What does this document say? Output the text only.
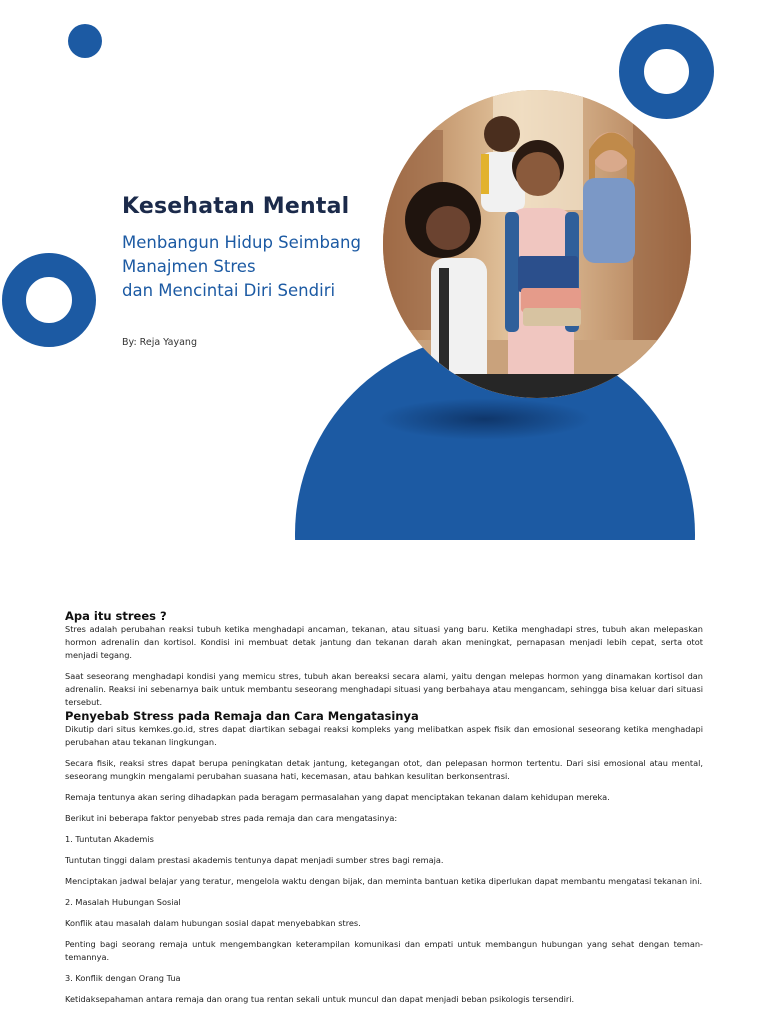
Kesehatan Mental
Menbangun Hidup Seimbang
Manajmen Stres
dan Mencintai Diri Sendiri
By: Reja Yayang
Apa itu strees ?

Stres adalah perubahan reaksi tubuh ketika menghadapi ancaman, tekanan, atau situasi yang baru. Ketika menghadapi stres, tubuh akan melepaskan hormon adrenalin dan kortisol. Kondisi ini membuat detak jantung dan tekanan darah akan meningkat, pernapasan menjadi lebih cepat, serta otot menjadi tegang.

Saat seseorang menghadapi kondisi yang memicu stres, tubuh akan bereaksi secara alami, yaitu dengan melepas hormon yang dinamakan kortisol dan adrenalin. Reaksi ini sebenarnya baik untuk membantu seseorang menghadapi situasi yang berbahaya atau mengancam, sehingga bisa keluar dari situasi tersebut.

Penyebab Stress pada Remaja dan Cara Mengatasinya

Dikutip dari situs kemkes.go.id, stres dapat diartikan sebagai reaksi kompleks yang melibatkan aspek fisik dan emosional seseorang ketika menghadapi perubahan atau tekanan lingkungan.

Secara fisik, reaksi stres dapat berupa peningkatan detak jantung, ketegangan otot, dan pelepasan hormon tertentu. Dari sisi emosional atau mental, seseorang mungkin mengalami perubahan suasana hati, kecemasan, atau bahkan kesulitan berkonsentrasi.

Remaja tentunya akan sering dihadapkan pada beragam permasalahan yang dapat menciptakan tekanan dalam kehidupan mereka.

Berikut ini beberapa faktor penyebab stres pada remaja dan cara mengatasinya:

1. Tuntutan Akademis

Tuntutan tinggi dalam prestasi akademis tentunya dapat menjadi sumber stres bagi remaja.

Menciptakan jadwal belajar yang teratur, mengelola waktu dengan bijak, dan meminta bantuan ketika diperlukan dapat membantu mengatasi tekanan ini.

2. Masalah Hubungan Sosial

Konflik atau masalah dalam hubungan sosial dapat menyebabkan stres.

Penting bagi seorang remaja untuk mengembangkan keterampilan komunikasi dan empati untuk membangun hubungan yang sehat dengan teman-temannya.

3. Konflik dengan Orang Tua

Ketidaksepahaman antara remaja dan orang tua rentan sekali untuk muncul dan dapat menjadi beban psikologis tersendiri.
